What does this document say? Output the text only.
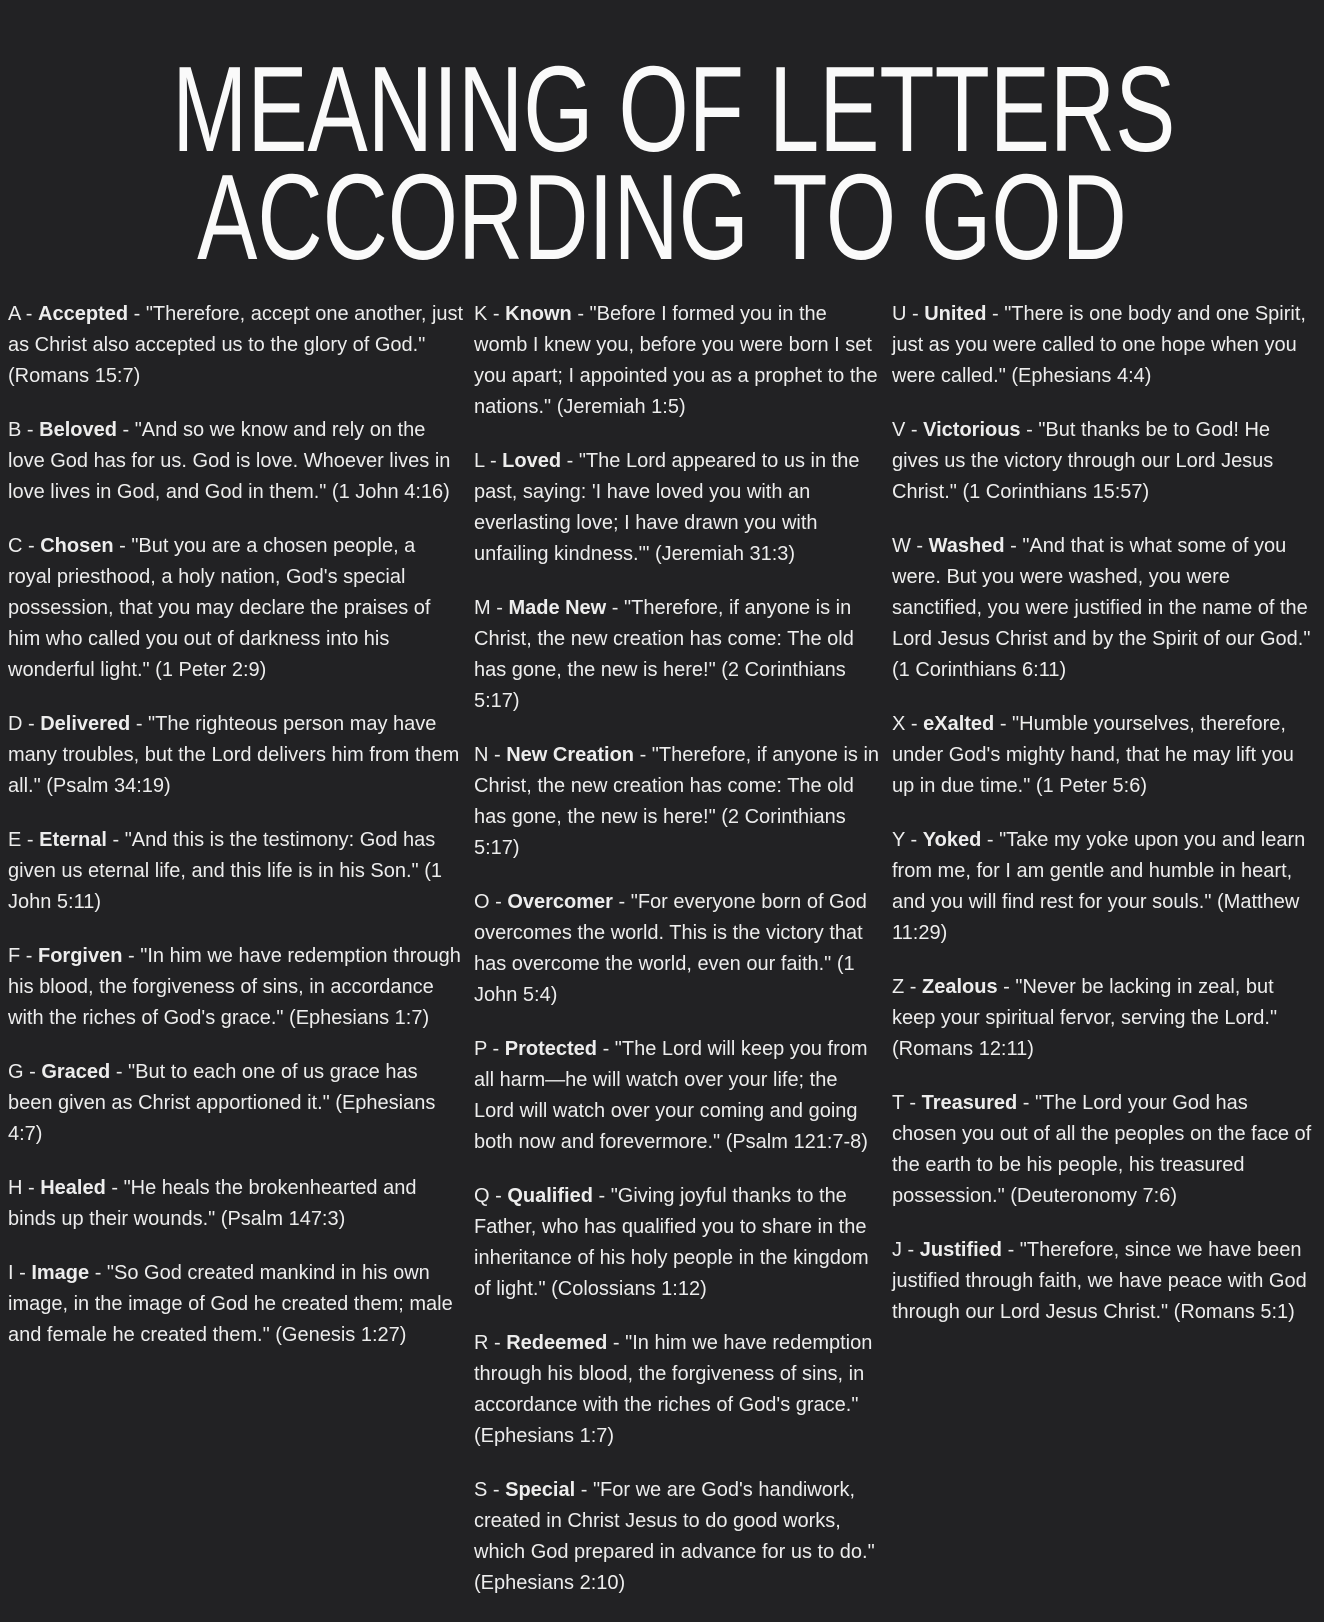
MEANING OF LETTERS
ACCORDING TO GOD

A - Accepted - "Therefore, accept one another, just as Christ also accepted us to the glory of God." (Romans 15:7)

B - Beloved - "And so we know and rely on the love God has for us. God is love. Whoever lives in love lives in God, and God in them." (1 John 4:16)

C - Chosen - "But you are a chosen people, a royal priesthood, a holy nation, God's special possession, that you may declare the praises of him who called you out of darkness into his wonderful light." (1 Peter 2:9)

D - Delivered - "The righteous person may have many troubles, but the Lord delivers him from them all." (Psalm 34:19)

E - Eternal - "And this is the testimony: God has given us eternal life, and this life is in his Son." (1 John 5:11)

F - Forgiven - "In him we have redemption through his blood, the forgiveness of sins, in accordance with the riches of God's grace." (Ephesians 1:7)

G - Graced - "But to each one of us grace has been given as Christ apportioned it." (Ephesians 4:7)

H - Healed - "He heals the brokenhearted and binds up their wounds." (Psalm 147:3)

I - Image - "So God created mankind in his own image, in the image of God he created them; male and female he created them." (Genesis 1:27)

K - Known - "Before I formed you in the womb I knew you, before you were born I set you apart; I appointed you as a prophet to the nations." (Jeremiah 1:5)

L - Loved - "The Lord appeared to us in the past, saying: 'I have loved you with an everlasting love; I have drawn you with unfailing kindness.'" (Jeremiah 31:3)

M - Made New - "Therefore, if anyone is in Christ, the new creation has come: The old has gone, the new is here!" (2 Corinthians 5:17)

N - New Creation - "Therefore, if anyone is in Christ, the new creation has come: The old has gone, the new is here!" (2 Corinthians 5:17)

O - Overcomer - "For everyone born of God overcomes the world. This is the victory that has overcome the world, even our faith." (1 John 5:4)

P - Protected - "The Lord will keep you from all harm—he will watch over your life; the Lord will watch over your coming and going both now and forevermore." (Psalm 121:7-8)

Q - Qualified - "Giving joyful thanks to the Father, who has qualified you to share in the inheritance of his holy people in the kingdom of light." (Colossians 1:12)

R - Redeemed - "In him we have redemption through his blood, the forgiveness of sins, in accordance with the riches of God's grace." (Ephesians 1:7)

S - Special - "For we are God's handiwork, created in Christ Jesus to do good works, which God prepared in advance for us to do." (Ephesians 2:10)

U - United - "There is one body and one Spirit, just as you were called to one hope when you were called." (Ephesians 4:4)

V - Victorious - "But thanks be to God! He gives us the victory through our Lord Jesus Christ." (1 Corinthians 15:57)

W - Washed - "And that is what some of you were. But you were washed, you were sanctified, you were justified in the name of the Lord Jesus Christ and by the Spirit of our God." (1 Corinthians 6:11)

X - eXalted - "Humble yourselves, therefore, under God's mighty hand, that he may lift you up in due time." (1 Peter 5:6)

Y - Yoked - "Take my yoke upon you and learn from me, for I am gentle and humble in heart, and you will find rest for your souls." (Matthew 11:29)

Z - Zealous - "Never be lacking in zeal, but keep your spiritual fervor, serving the Lord." (Romans 12:11)

T - Treasured - "The Lord your God has chosen you out of all the peoples on the face of the earth to be his people, his treasured possession." (Deuteronomy 7:6)

J - Justified - "Therefore, since we have been justified through faith, we have peace with God through our Lord Jesus Christ." (Romans 5:1)
